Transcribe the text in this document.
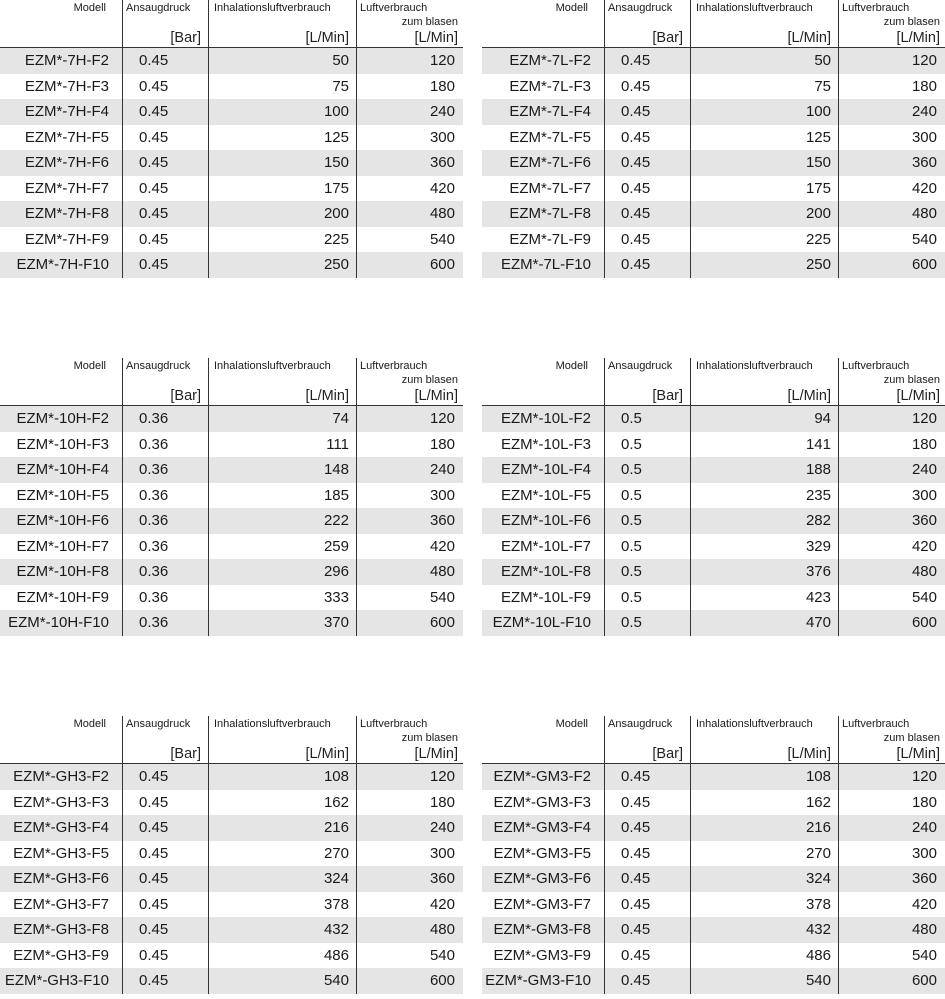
Modell Ansaugdruck
[Bar]
Inhalationsluftverbrauch
[L/Min]
Luftverbrauch
zum blasen
[L/Min]
EZM*-7H-F2	0.45	50	120
EZM*-7H-F3	0.45	75	180
EZM*-7H-F4	0.45	100	240
EZM*-7H-F5	0.45	125	300
EZM*-7H-F6	0.45	150	360
EZM*-7H-F7	0.45	175	420
EZM*-7H-F8	0.45	200	480
EZM*-7H-F9	0.45	225	540
EZM*-7H-F10	0.45	250	600
Modell Ansaugdruck
[Bar]
Inhalationsluftverbrauch
[L/Min]
Luftverbrauch
zum blasen
[L/Min]
EZM*-7L-F2	0.45	50	120
EZM*-7L-F3	0.45	75	180
EZM*-7L-F4	0.45	100	240
EZM*-7L-F5	0.45	125	300
EZM*-7L-F6	0.45	150	360
EZM*-7L-F7	0.45	175	420
EZM*-7L-F8	0.45	200	480
EZM*-7L-F9	0.45	225	540
EZM*-7L-F10	0.45	250	600
Modell Ansaugdruck
[Bar]
Inhalationsluftverbrauch
[L/Min]
Luftverbrauch
zum blasen
[L/Min]
EZM*-10H-F2	0.36	74	120
EZM*-10H-F3	0.36	111	180
EZM*-10H-F4	0.36	148	240
EZM*-10H-F5	0.36	185	300
EZM*-10H-F6	0.36	222	360
EZM*-10H-F7	0.36	259	420
EZM*-10H-F8	0.36	296	480
EZM*-10H-F9	0.36	333	540
EZM*-10H-F10	0.36	370	600
Modell Ansaugdruck
[Bar]
Inhalationsluftverbrauch
[L/Min]
Luftverbrauch
zum blasen
[L/Min]
EZM*-10L-F2	0.5	94	120
EZM*-10L-F3	0.5	141	180
EZM*-10L-F4	0.5	188	240
EZM*-10L-F5	0.5	235	300
EZM*-10L-F6	0.5	282	360
EZM*-10L-F7	0.5	329	420
EZM*-10L-F8	0.5	376	480
EZM*-10L-F9	0.5	423	540
EZM*-10L-F10	0.5	470	600
Modell Ansaugdruck
[Bar]
Inhalationsluftverbrauch
[L/Min]
Luftverbrauch
zum blasen
[L/Min]
EZM*-GH3-F2	0.45	108	120
EZM*-GH3-F3	0.45	162	180
EZM*-GH3-F4	0.45	216	240
EZM*-GH3-F5	0.45	270	300
EZM*-GH3-F6	0.45	324	360
EZM*-GH3-F7	0.45	378	420
EZM*-GH3-F8	0.45	432	480
EZM*-GH3-F9	0.45	486	540
EZM*-GH3-F10	0.45	540	600
Modell Ansaugdruck
[Bar]
Inhalationsluftverbrauch
[L/Min]
Luftverbrauch
zum blasen
[L/Min]
EZM*-GM3-F2	0.45	108	120
EZM*-GM3-F3	0.45	162	180
EZM*-GM3-F4	0.45	216	240
EZM*-GM3-F5	0.45	270	300
EZM*-GM3-F6	0.45	324	360
EZM*-GM3-F7	0.45	378	420
EZM*-GM3-F8	0.45	432	480
EZM*-GM3-F9	0.45	486	540
EZM*-GM3-F10	0.45	540	600
